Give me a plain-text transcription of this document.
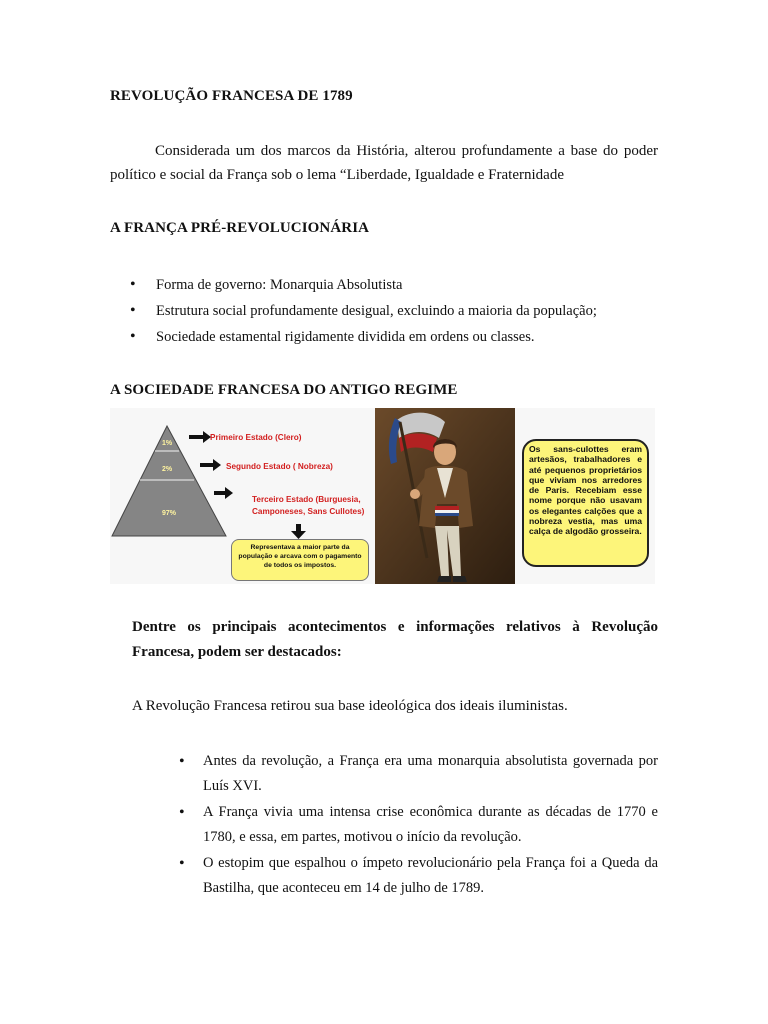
REVOLUÇÃO FRANCESA DE 1789
Considerada um dos marcos da História, alterou profundamente a base do poder político e social da França sob o lema “Liberdade, Igualdade e Fraternidade
A FRANÇA PRÉ-REVOLUCIONÁRIA
• Forma de governo: Monarquia Absolutista
• Estrutura social profundamente desigual, excluindo a maioria da população;
• Sociedade estamental rigidamente dividida em ordens ou classes.
A SOCIEDADE FRANCESA DO ANTIGO REGIME
1%
2%
97%
Primeiro Estado (Clero)
Segundo Estado ( Nobreza)
Terceiro Estado (Burguesia,
Camponeses, Sans Cullotes)
Representava a maior parte da população e arcava com o pagamento de todos os impostos.
Os sans-culottes eram artesãos, trabalhadores e até pequenos proprietários que viviam nos arredores de Paris. Recebiam esse nome porque não usavam os elegantes calções que a nobreza vestia, mas uma calça de algodão grosseira.
Dentre os principais acontecimentos e informações relativos à Revolução Francesa, podem ser destacados:
A Revolução Francesa retirou sua base ideológica dos ideais iluministas.
• Antes da revolução, a França era uma monarquia absolutista governada por Luís XVI.
• A França vivia uma intensa crise econômica durante as décadas de 1770 e 1780, e essa, em partes, motivou o início da revolução.
• O estopim que espalhou o ímpeto revolucionário pela França foi a Queda da Bastilha, que aconteceu em 14 de julho de 1789.
